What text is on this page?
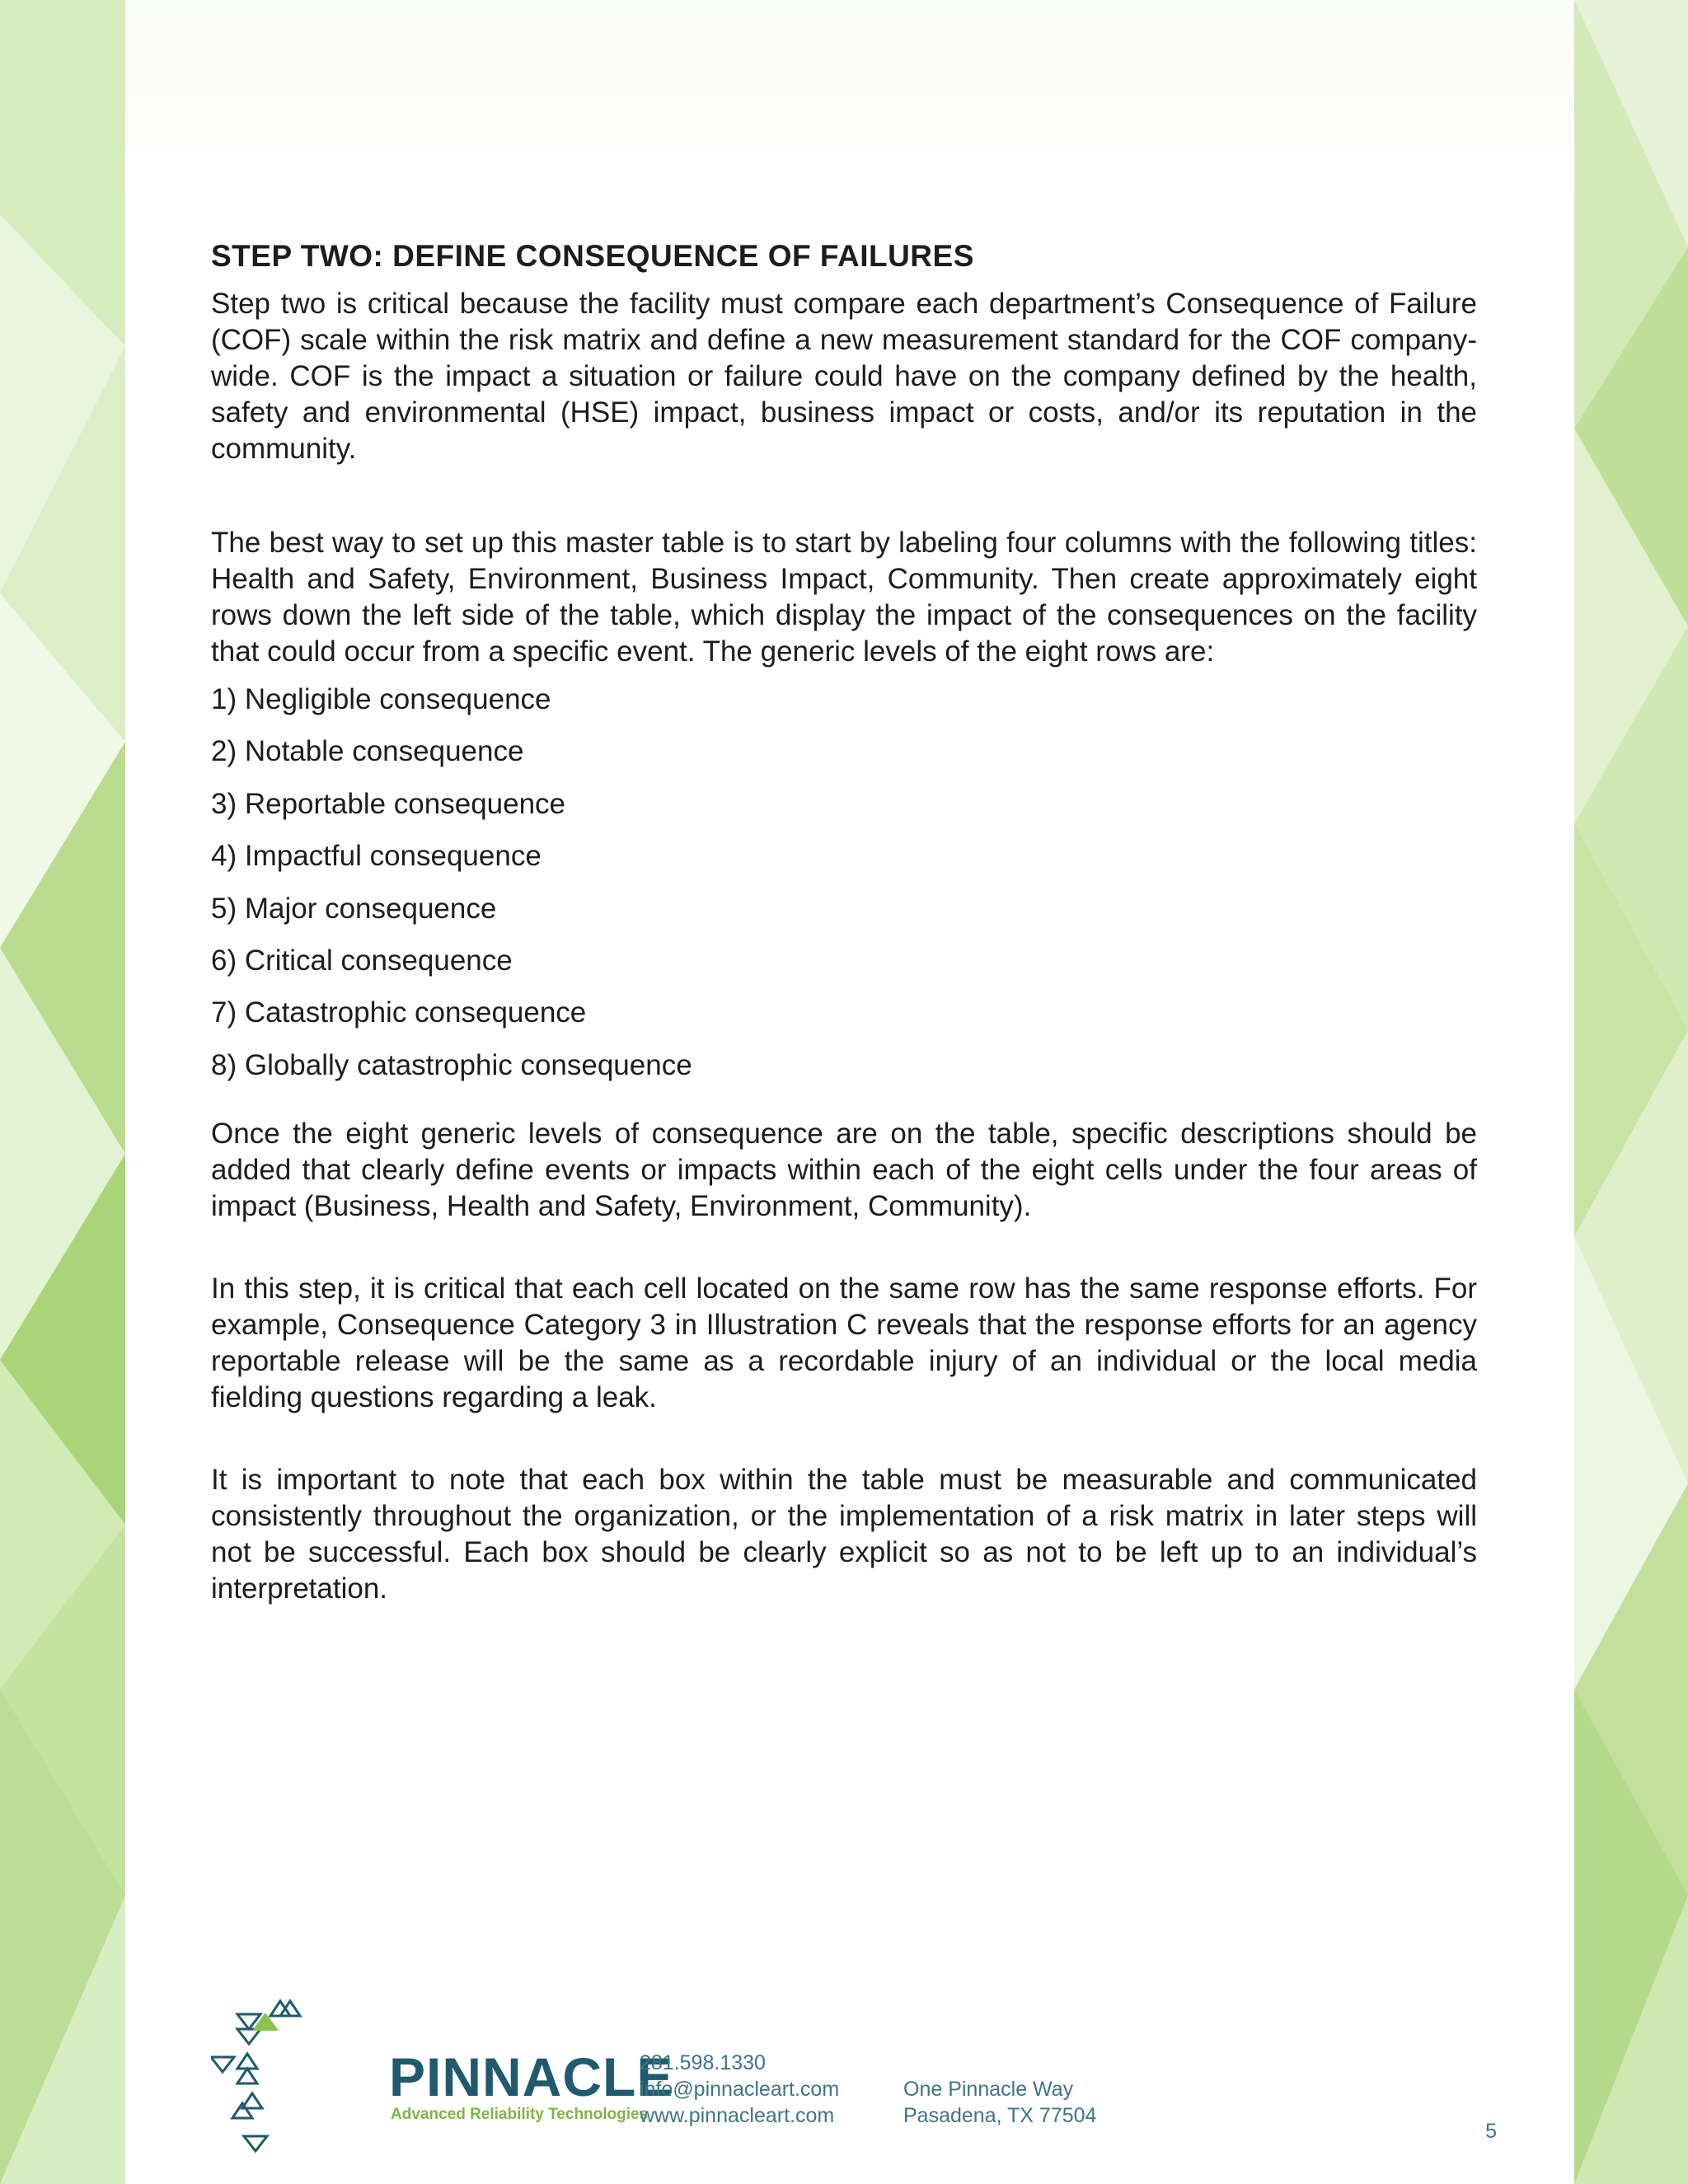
STEP TWO: DEFINE CONSEQUENCE OF FAILURES

Step two is critical because the facility must compare each department’s Consequence of Failure (COF) scale within the risk matrix and define a new measurement standard for the COF company-wide. COF is the impact a situation or failure could have on the company defined by the health, safety and environmental (HSE) impact, business impact or costs, and/or its reputation in the community.

The best way to set up this master table is to start by labeling four columns with the following titles: Health and Safety, Environment, Business Impact, Community. Then create approximately eight rows down the left side of the table, which display the impact of the consequences on the facility that could occur from a specific event. The generic levels of the eight rows are:

1) Negligible consequence
2) Notable consequence
3) Reportable consequence
4) Impactful consequence
5) Major consequence
6) Critical consequence
7) Catastrophic consequence
8) Globally catastrophic consequence

Once the eight generic levels of consequence are on the table, specific descriptions should be added that clearly define events or impacts within each of the eight cells under the four areas of impact (Business, Health and Safety, Environment, Community).

In this step, it is critical that each cell located on the same row has the same response efforts. For example, Consequence Category 3 in Illustration C reveals that the response efforts for an agency reportable release will be the same as a recordable injury of an individual or the local media fielding questions regarding a leak.

It is important to note that each box within the table must be measurable and communicated consistently throughout the organization, or the implementation of a risk matrix in later steps will not be successful. Each box should be clearly explicit so as not to be left up to an individual’s interpretation.

PINNACLE
Advanced Reliability Technologies
281.598.1330
info@pinnacleart.com
www.pinnacleart.com
One Pinnacle Way
Pasadena, TX 77504
5
